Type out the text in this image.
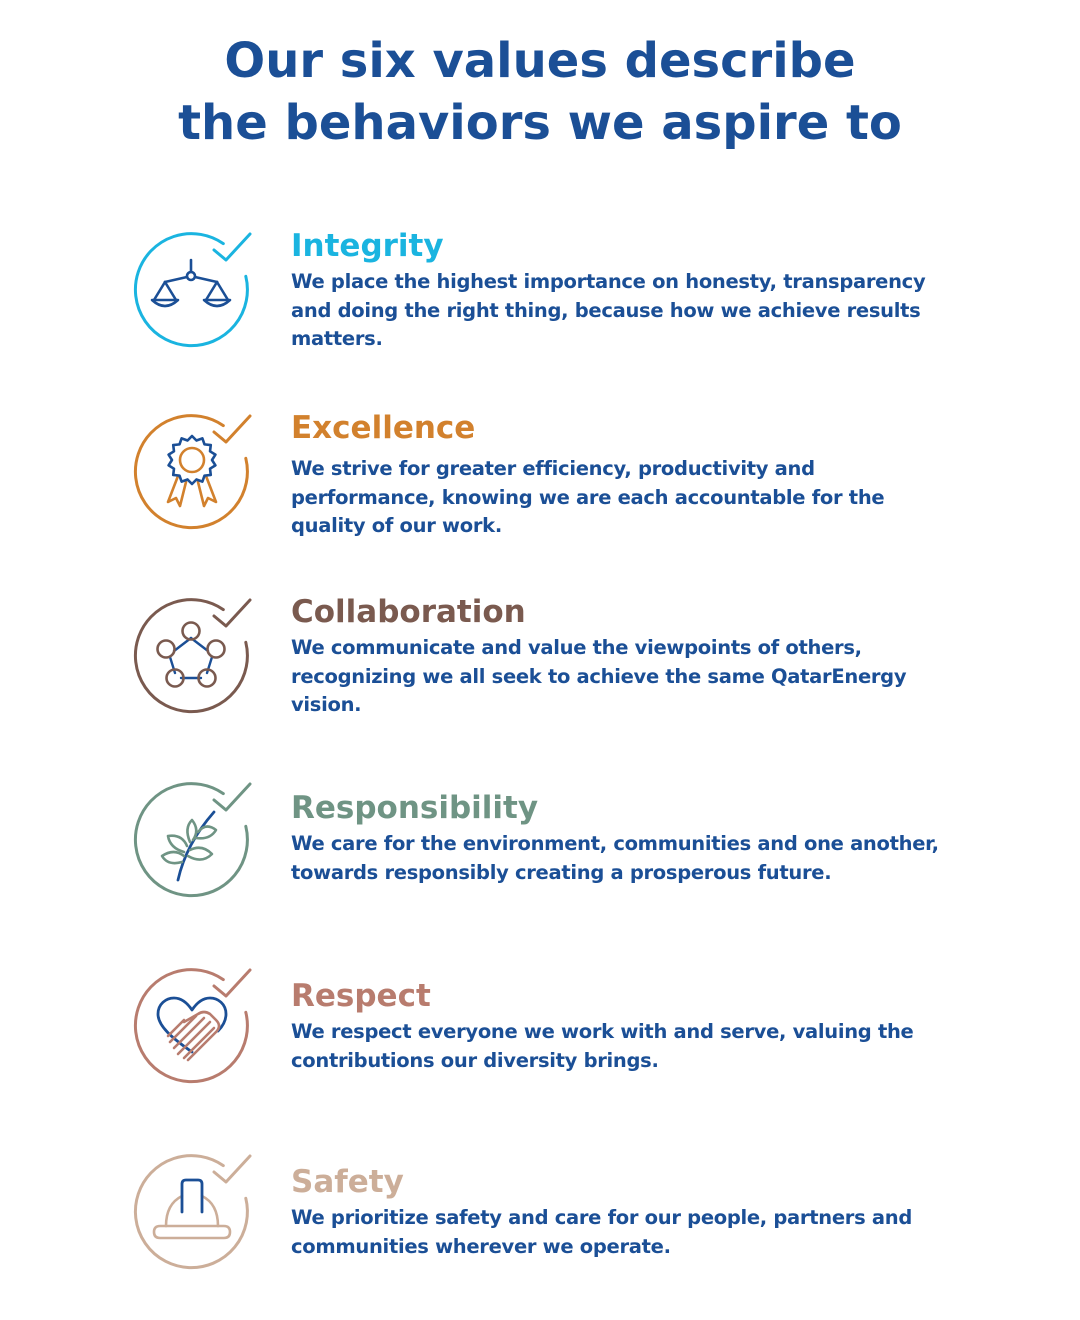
Our six values describe
the behaviors we aspire to
Integrity

We place the highest importance on honesty, transparency and doing the right thing, because how we achieve results matters.

Excellence

We strive for greater efficiency, productivity and performance, knowing we are each accountable for the quality of our work.

Collaboration

We communicate and value the viewpoints of others, recognizing we all seek to achieve the same QatarEnergy vision.

Responsibility

We care for the environment, communities and one another, towards responsibly creating a prosperous future.

Respect

We respect everyone we work with and serve, valuing the contributions our diversity brings.

Safety

We prioritize safety and care for our people, partners and communities wherever we operate.
